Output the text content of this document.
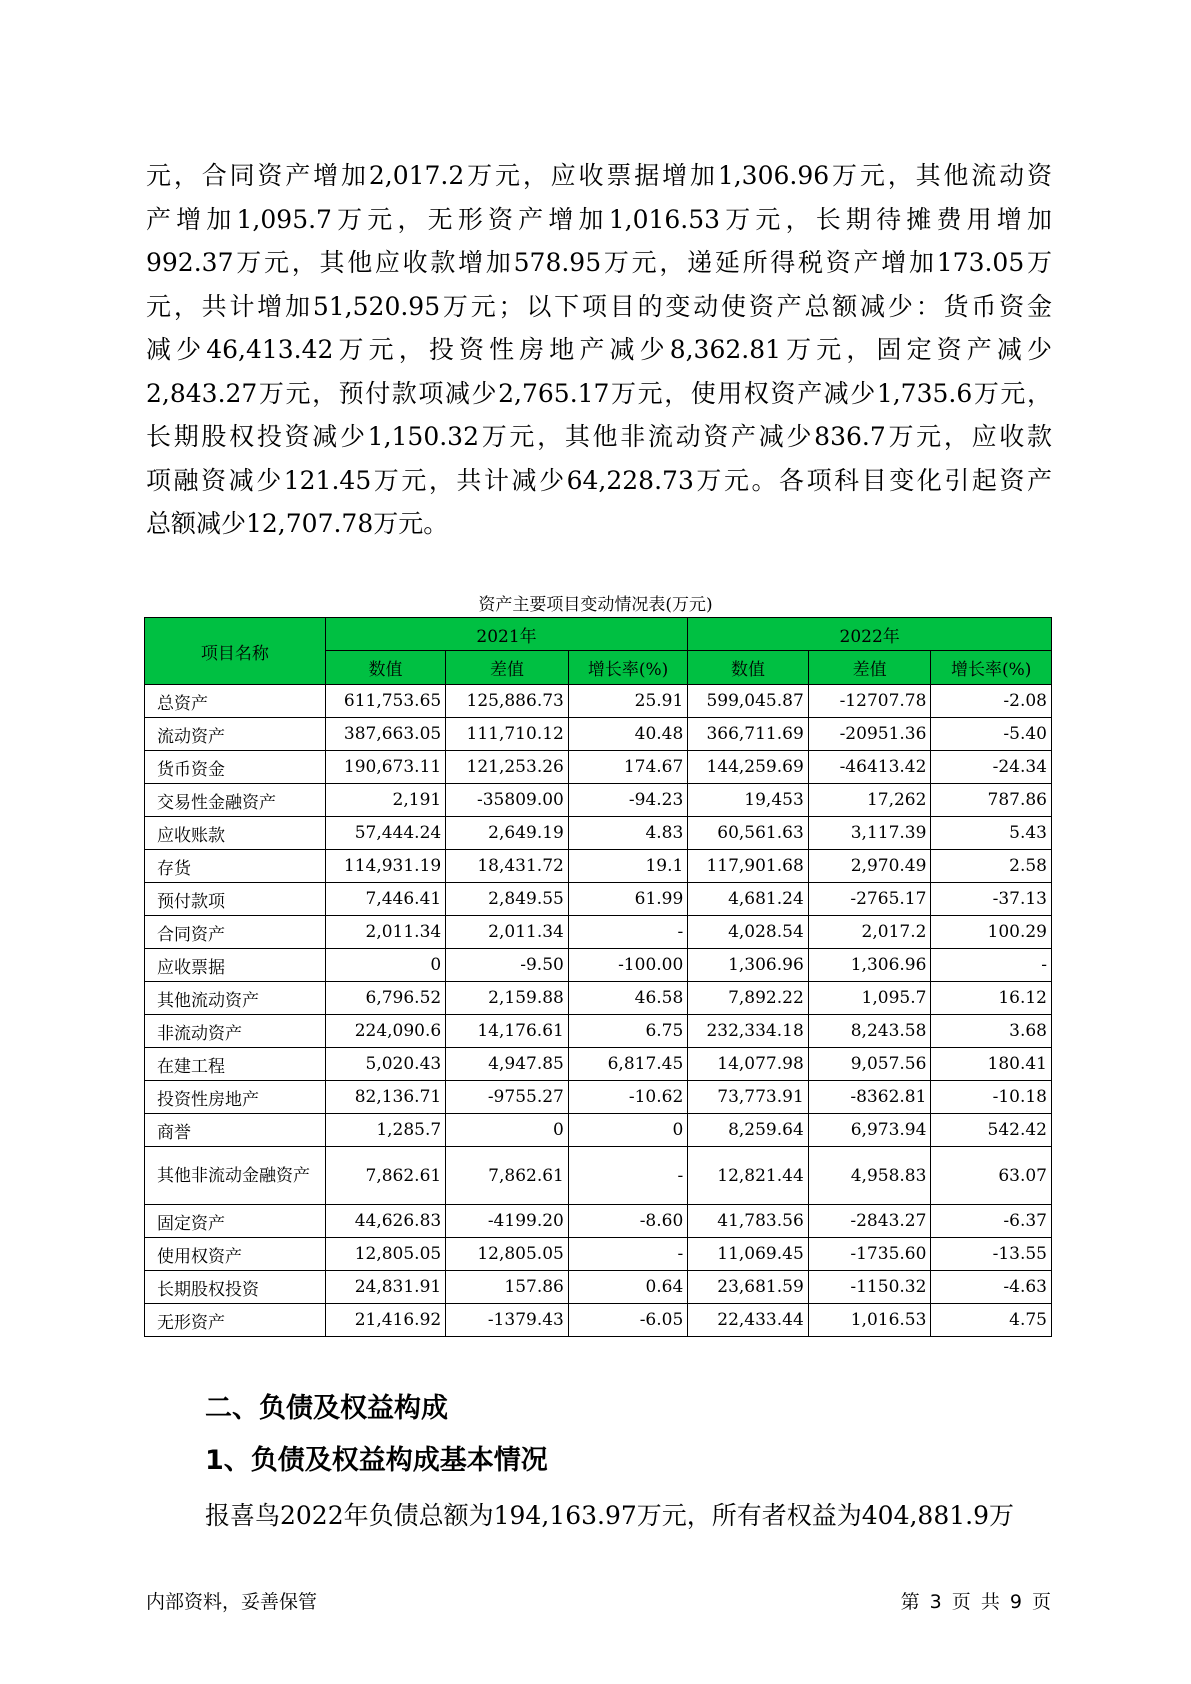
元，合同资产增加2,017.2万元，应收票据增加1,306.96万元，其他流动资
产增加1,095.7万元，无形资产增加1,016.53万元，长期待摊费用增加
992.37万元，其他应收款增加578.95万元，递延所得税资产增加173.05万
元，共计增加51,520.95万元；以下项目的变动使资产总额减少：货币资金
减少46,413.42万元，投资性房地产减少8,362.81万元，固定资产减少
2,843.27万元，预付款项减少2,765.17万元，使用权资产减少1,735.6万元，
长期股权投资减少1,150.32万元，其他非流动资产减少836.7万元，应收款
项融资减少121.45万元，共计减少64,228.73万元。各项科目变化引起资产
总额减少12,707.78万元。
资产主要项目变动情况表(万元)
项目名称	2021年			2022年		
	数值	差值	增长率(%)	数值	差值	增长率(%)
总资产	611,753.65	125,886.73	25.91	599,045.87	-12707.78	-2.08
流动资产	387,663.05	111,710.12	40.48	366,711.69	-20951.36	-5.40
货币资金	190,673.11	121,253.26	174.67	144,259.69	-46413.42	-24.34
交易性金融资产	2,191	-35809.00	-94.23	19,453	17,262	787.86
应收账款	57,444.24	2,649.19	4.83	60,561.63	3,117.39	5.43
存货	114,931.19	18,431.72	19.1	117,901.68	2,970.49	2.58
预付款项	7,446.41	2,849.55	61.99	4,681.24	-2765.17	-37.13
合同资产	2,011.34	2,011.34	-	4,028.54	2,017.2	100.29
应收票据	0	-9.50	-100.00	1,306.96	1,306.96	-
其他流动资产	6,796.52	2,159.88	46.58	7,892.22	1,095.7	16.12
非流动资产	224,090.6	14,176.61	6.75	232,334.18	8,243.58	3.68
在建工程	5,020.43	4,947.85	6,817.45	14,077.98	9,057.56	180.41
投资性房地产	82,136.71	-9755.27	-10.62	73,773.91	-8362.81	-10.18
商誉	1,285.7	0	0	8,259.64	6,973.94	542.42
其他非流动金融资产	7,862.61	7,862.61	-	12,821.44	4,958.83	63.07
固定资产	44,626.83	-4199.20	-8.60	41,783.56	-2843.27	-6.37
使用权资产	12,805.05	12,805.05	-	11,069.45	-1735.60	-13.55
长期股权投资	24,831.91	157.86	0.64	23,681.59	-1150.32	-4.63
无形资产	21,416.92	-1379.43	-6.05	22,433.44	1,016.53	4.75
二、负债及权益构成
1、负债及权益构成基本情况

报喜鸟2022年负债总额为194,163.97万元，所有者权益为404,881.9万

内部资料，妥善保管	第 3 页 共 9 页
